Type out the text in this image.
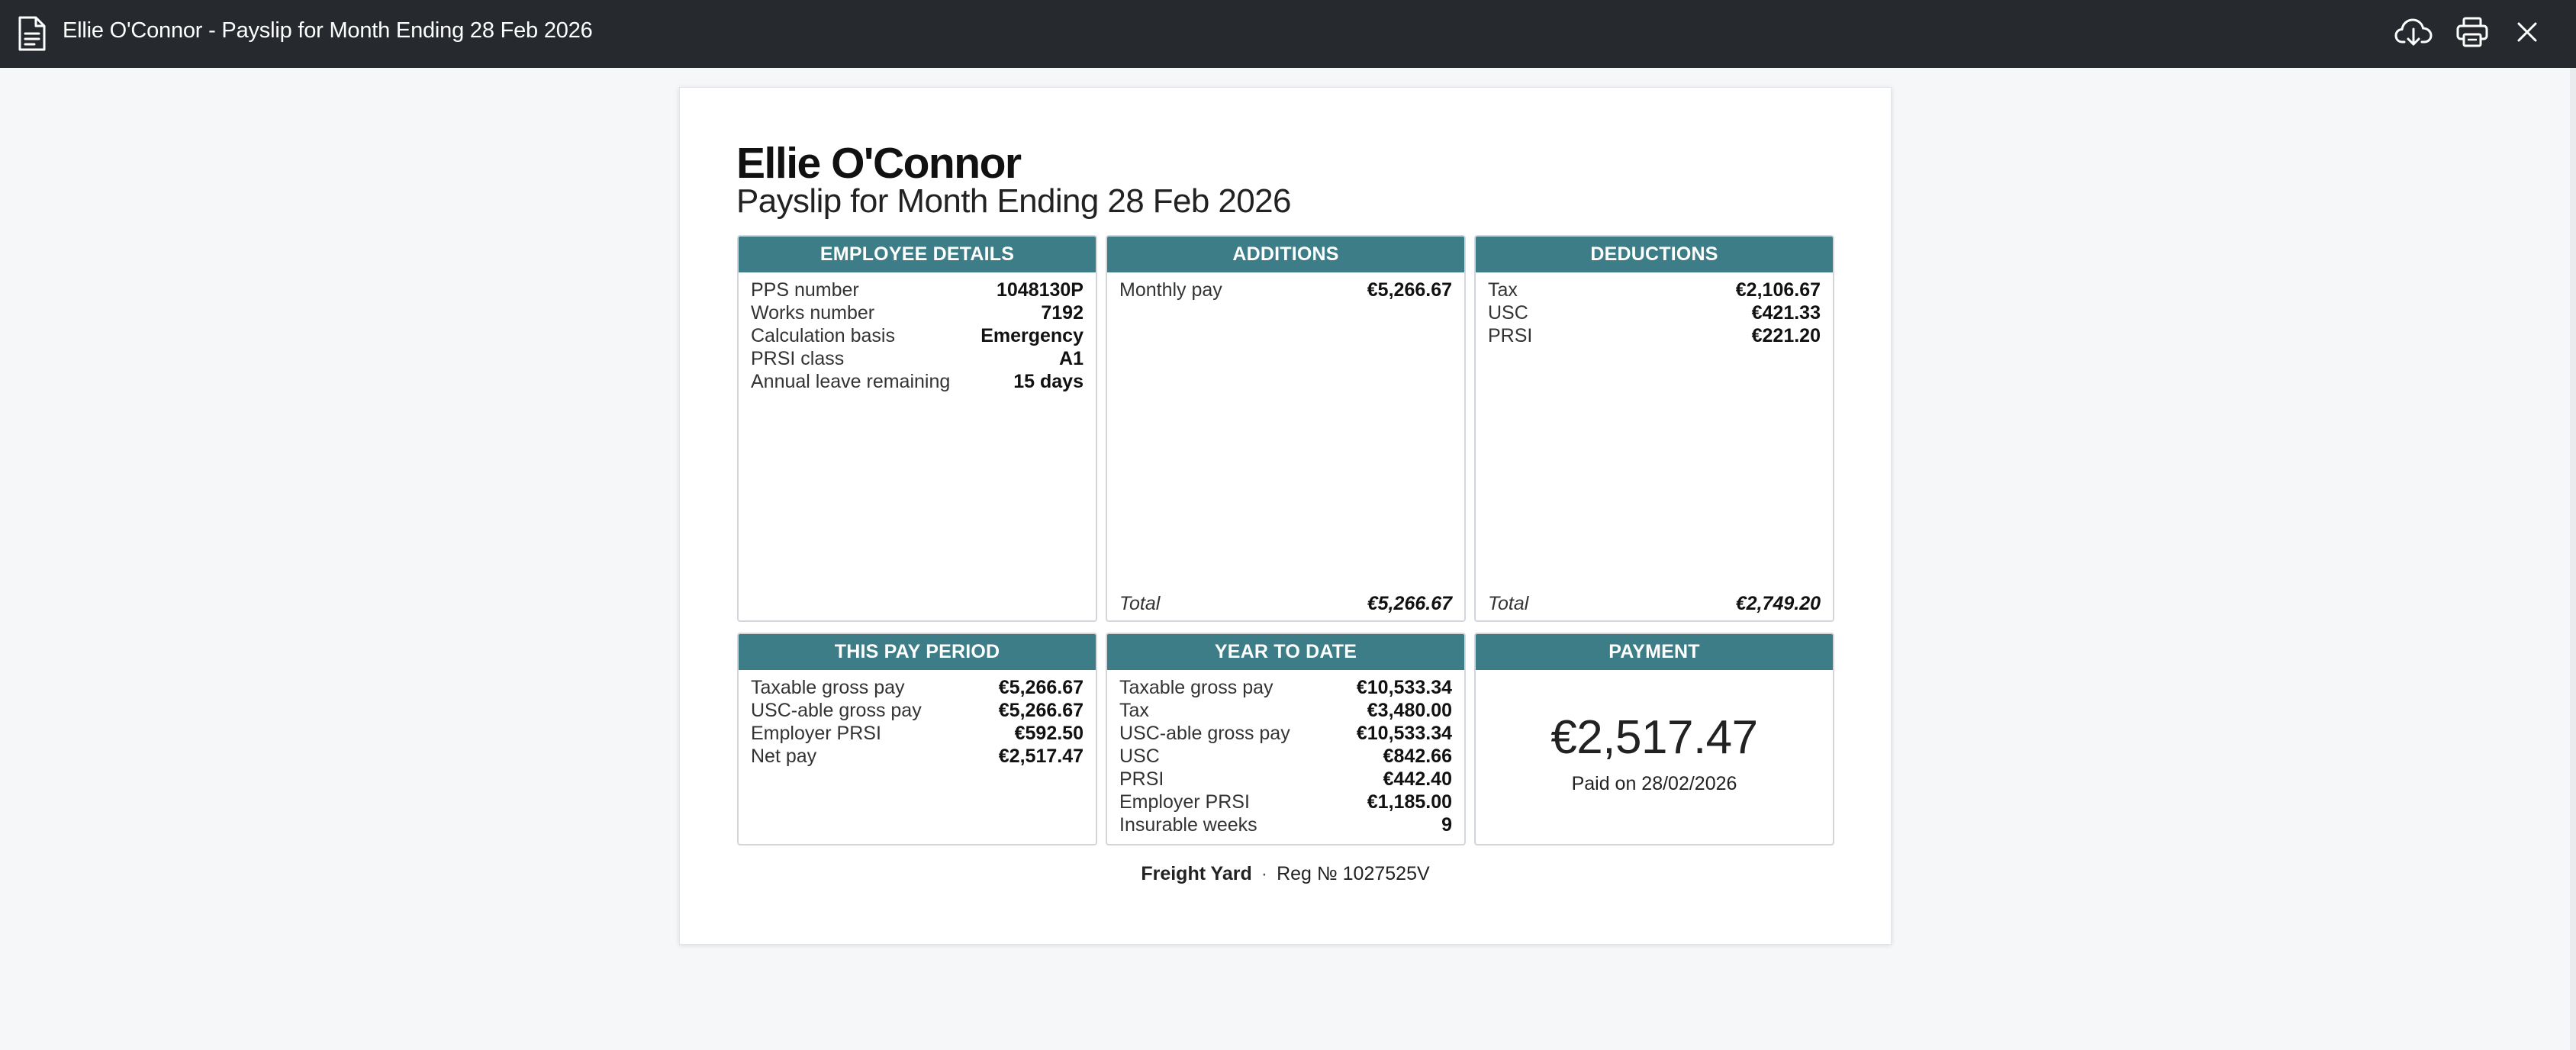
Ellie O'Connor - Payslip for Month Ending 28 Feb 2026
Ellie O'Connor
Payslip for Month Ending 28 Feb 2026
EMPLOYEE DETAILS
PPS number	1048130P
Works number	7192
Calculation basis	Emergency
PRSI class	A1
Annual leave remaining	15 days
ADDITIONS
Monthly pay	€5,266.67
Total	€5,266.67
DEDUCTIONS
Tax	€2,106.67
USC	€421.33
PRSI	€221.20
Total	€2,749.20
THIS PAY PERIOD
Taxable gross pay	€5,266.67
USC-able gross pay	€5,266.67
Employer PRSI	€592.50
Net pay	€2,517.47
YEAR TO DATE
Taxable gross pay	€10,533.34
Tax	€3,480.00
USC-able gross pay	€10,533.34
USC	€842.66
PRSI	€442.40
Employer PRSI	€1,185.00
Insurable weeks	9
PAYMENT
€2,517.47
Paid on 28/02/2026
Freight Yard · Reg № 1027525V
